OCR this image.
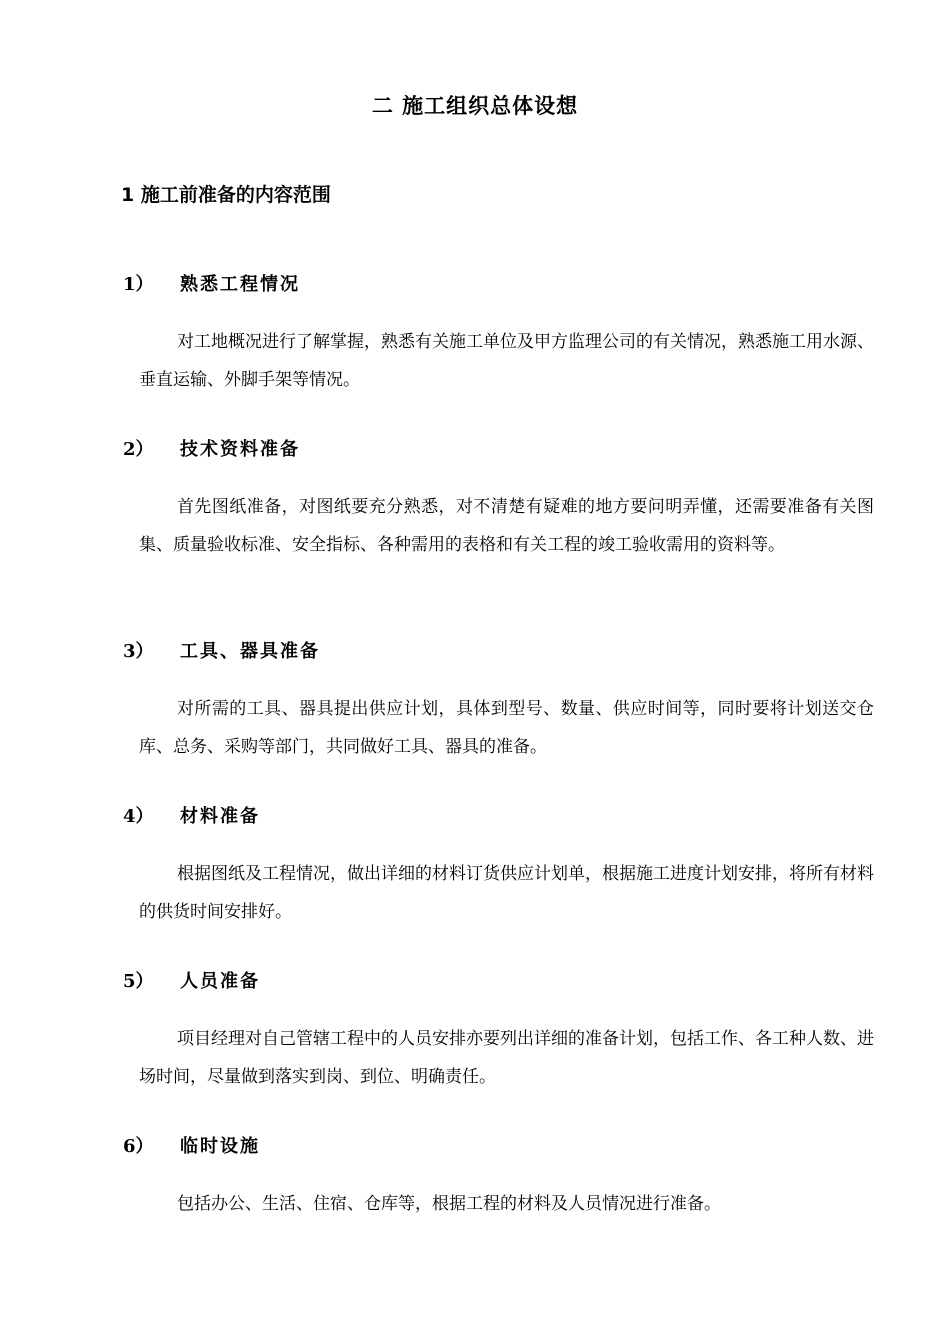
二 施工组织总体设想
1 施工前准备的内容范围
1） 熟悉工程情况

对工地概况进行了解掌握，熟悉有关施工单位及甲方监理公司的有关情况，熟悉施工用水源、垂直运输、外脚手架等情况。

2） 技术资料准备

首先图纸准备，对图纸要充分熟悉，对不清楚有疑难的地方要问明弄懂，还需要准备有关图集、质量验收标准、安全指标、各种需用的表格和有关工程的竣工验收需用的资料等。

3） 工具、器具准备

对所需的工具、器具提出供应计划，具体到型号、数量、供应时间等，同时要将计划送交仓库、总务、采购等部门，共同做好工具、器具的准备。

4） 材料准备

根据图纸及工程情况，做出详细的材料订货供应计划单，根据施工进度计划安排，将所有材料的供货时间安排好。

5） 人员准备

项目经理对自己管辖工程中的人员安排亦要列出详细的准备计划，包括工作、各工种人数、进场时间，尽量做到落实到岗、到位、明确责任。

6） 临时设施

包括办公、生活、住宿、仓库等，根据工程的材料及人员情况进行准备。
